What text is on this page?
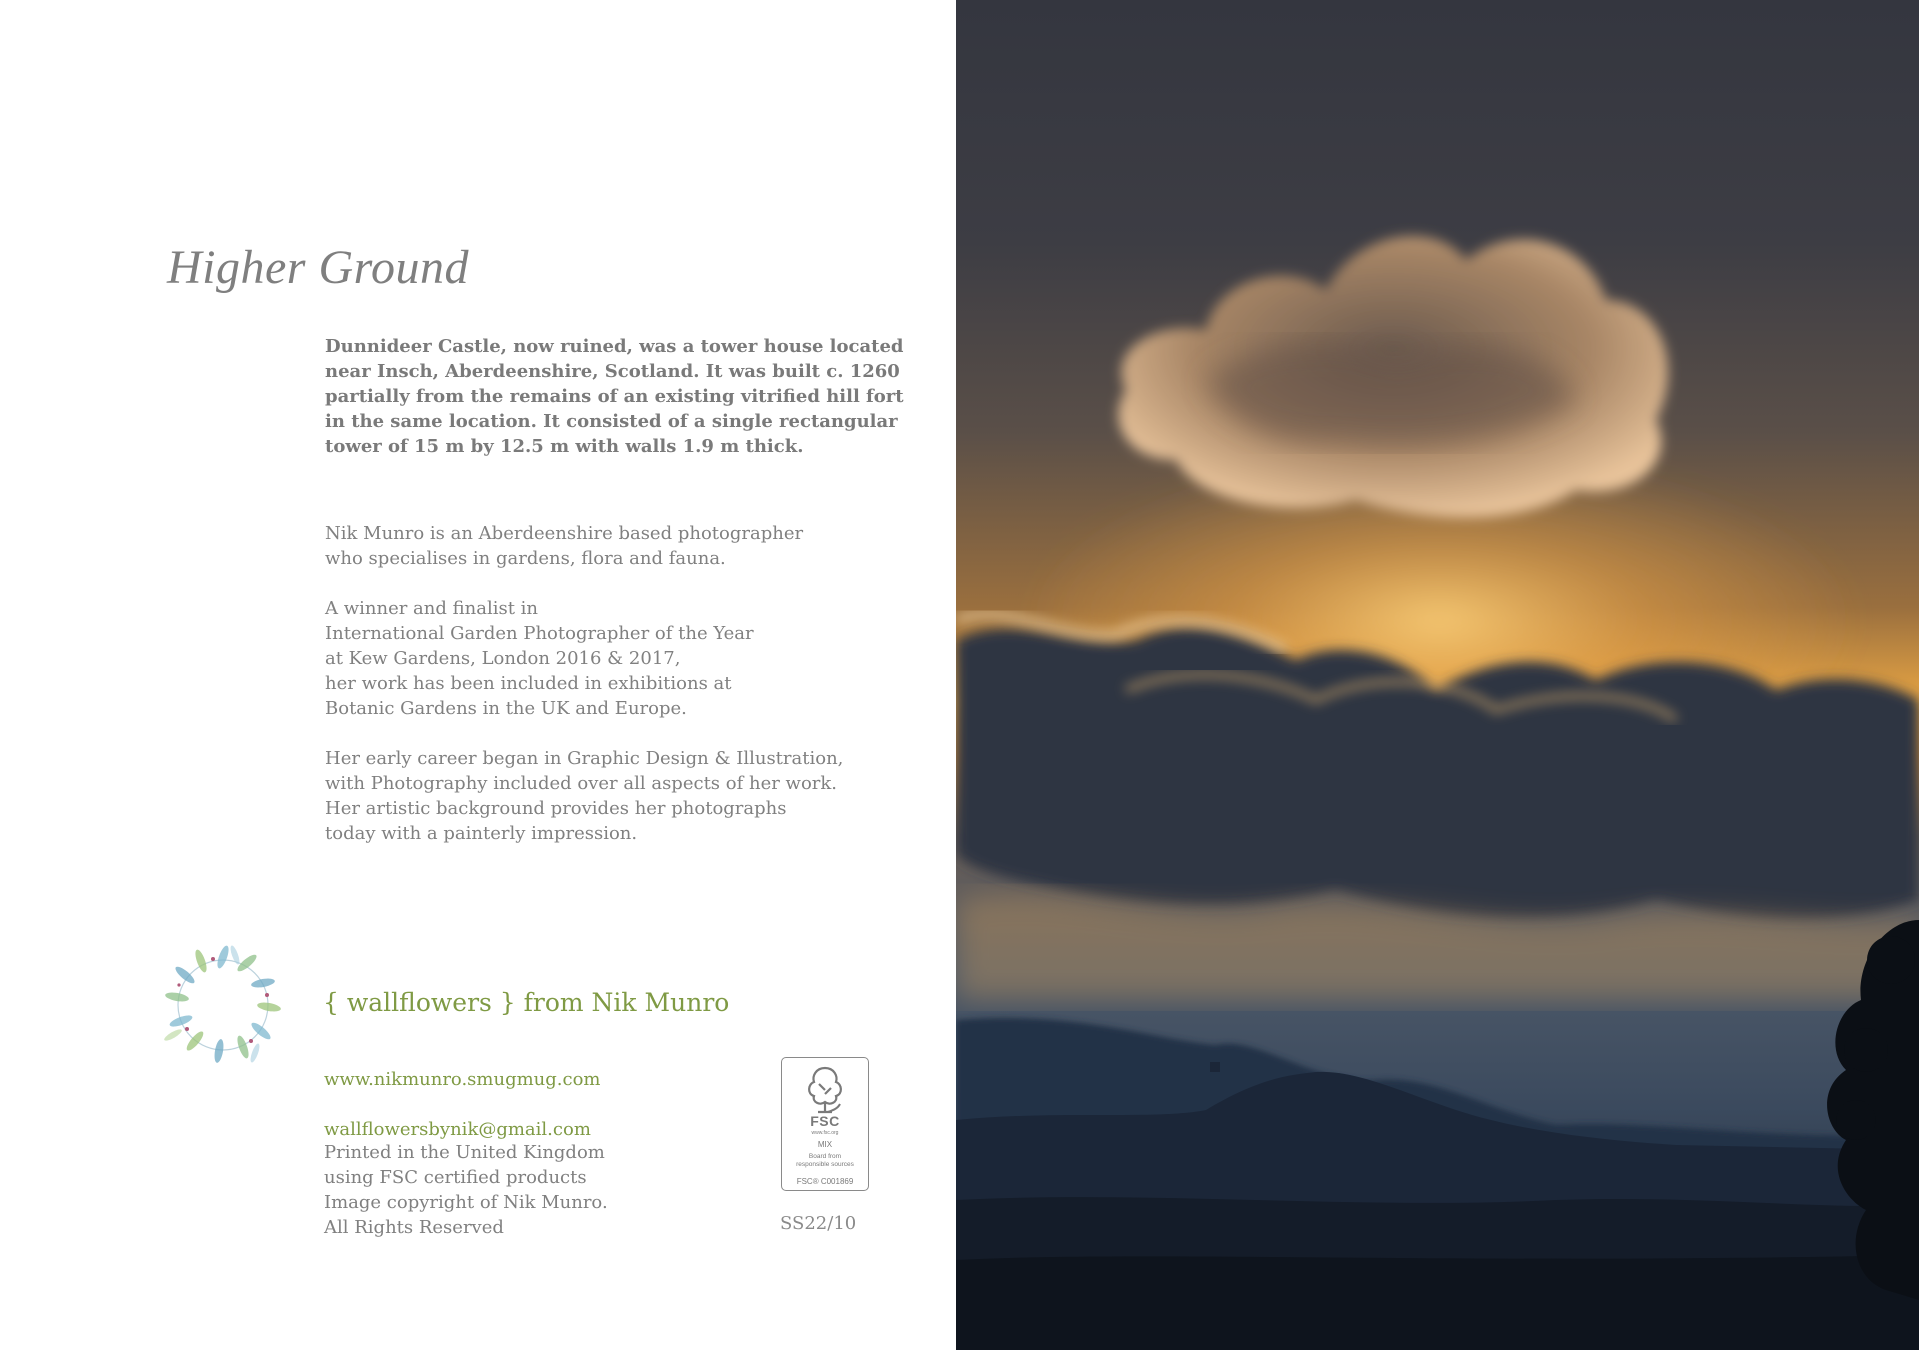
Higher Ground

Dunnideer Castle, now ruined, was a tower house located
near Insch, Aberdeenshire, Scotland. It was built c. 1260
partially from the remains of an existing vitrified hill fort
in the same location. It consisted of a single rectangular
tower of 15 m by 12.5 m with walls 1.9 m thick.

Nik Munro is an Aberdeenshire based photographer
who specialises in gardens, flora and fauna.

A winner and finalist in
International Garden Photographer of the Year
at Kew Gardens, London 2016 & 2017,
her work has been included in exhibitions at
Botanic Gardens in the UK and Europe.

Her early career began in Graphic Design & Illustration,
with Photography included over all aspects of her work.
Her artistic background provides her photographs
today with a painterly impression.

{ wallflowers } from Nik Munro

www.nikmunro.smugmug.com

wallflowersbynik@gmail.com

Printed in the United Kingdom
using FSC certified products
Image copyright of Nik Munro.
All Rights Reserved

FSC
www.fsc.org
MIX
Board from
responsible sources
FSC® C001869

SS22/10
